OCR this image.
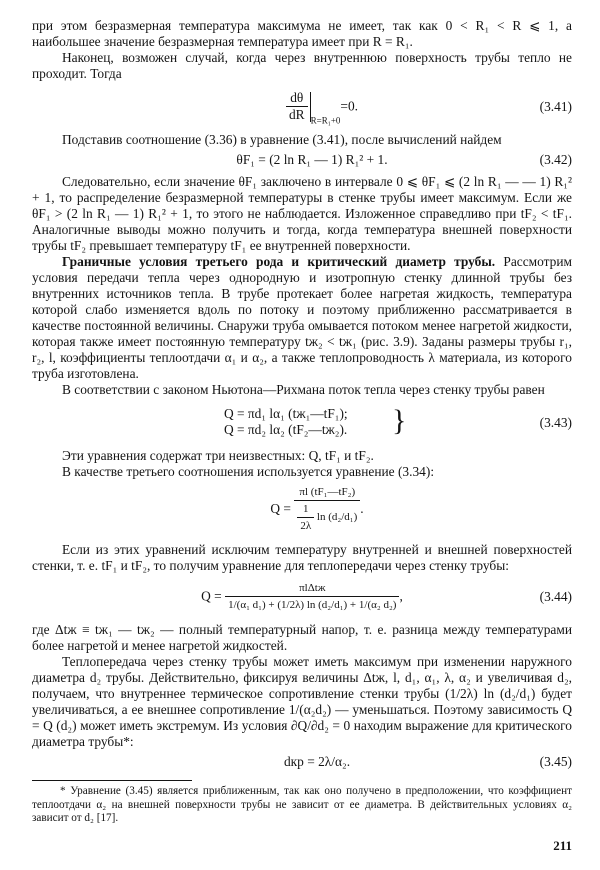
при этом безразмерная температура максимума не имеет, так как 0 < R₁ < R ⩽ 1, а наибольшее значение безразмерная температура имеет при R = R₁.

Наконец, возможен случай, когда через внутреннюю поверхность трубы тепло не проходит. Тогда

$\frac{d\theta}{dR} _{R=R_1+0}=0$.	(3.41)

Подставив соотношение (3.36) в уравнение (3.41), после вычислений найдем

θF₁ = (2 ln R₁ — 1) R₁² + 1.	(3.42)

Следовательно, если значение θF₁ заключено в интервале 0 ⩽ θF₁ ⩽ (2 ln R₁ — — 1) R₁² + 1, то распределение безразмерной температуры в стенке трубы имеет максимум. Если же θF₁ > (2 ln R₁ — 1) R₁² + 1, то этого не наблюдается. Изложенное справедливо при tF₂ < tF₁. Аналогичные выводы можно получить и тогда, когда температура внешней поверхности трубы tF₂ превышает температуру tF₁ ее внутренней поверхности.

Граничные условия третьего рода и критический диаметр трубы. Рассмотрим условия передачи тепла через однородную и изотропную стенку длинной трубы без внутренних источников тепла. В трубе протекает более нагретая жидкость, температура которой слабо изменяется вдоль по потоку и поэтому приближенно рассматривается в качестве постоянной величины. Снаружи труба омывается потоком менее нагретой жидкости, которая также имеет постоянную температуру tж₂ < tж₁ (рис. 3.9). Заданы размеры трубы r₁, r₂, l, коэффициенты теплоотдачи α₁ и α₂, а также теплопроводность λ материала, из которого труба изготовлена.

В соответствии с законом Ньютона—Рихмана поток тепла через стенку трубы равен

Q = πd₁ lα₁ (tж₁—tF₁);
Q = πd₂ lα₂ (tF₂—tж₂). }	(3.43)

Эти уравнения содержат три неизвестных: Q, tF₁ и tF₂.

В качестве третьего соотношения используется уравнение (3.34):

$Q = \frac{\text{πl (tF₁—tF₂)}}{\frac{1}{2\lambda} \ln (d_2/d_1)}$ .

Если из этих уравнений исключим температуру внутренней и внешней поверхностей стенки, т. е. tF₁ и tF₂, то получим уравнение для теплопередачи через стенку трубы:

$Q = \frac{\text{πlΔtж}}{\text{1/(α₁ d₁) + (1/2λ) ln (d₂/d₁) + 1/(α₂ d₂)}}$ ,	(3.44)

где Δtж ≡ tж₁ — tж₂ — полный температурный напор, т. е. разница между температурами более нагретой и менее нагретой жидкостей.

Теплопередача через стенку трубы может иметь максимум при изменении наружного диаметра d₂ трубы. Действительно, фиксируя величины Δtж, l, d₁, α₁, λ, α₂ и увеличивая d₂, получаем, что внутреннее термическое сопротивление стенки трубы (1/2λ) ln (d₂/d₁) будет увеличиваться, а ее внешнее сопротивление 1/(α₂d₂) — уменьшаться. Поэтому зависимость Q = Q (d₂) может иметь экстремум. Из условия ∂Q/∂d₂ = 0 находим выражение для критического диаметра трубы*:

dкр = 2λ/α₂.	(3.45)

* Уравнение (3.45) является приближенным, так как оно получено в предположении, что коэффициент теплоотдачи α₂ на внешней поверхности трубы не зависит от ее диаметра. В действительных условиях α₂ зависит от d₂ [17].

211
